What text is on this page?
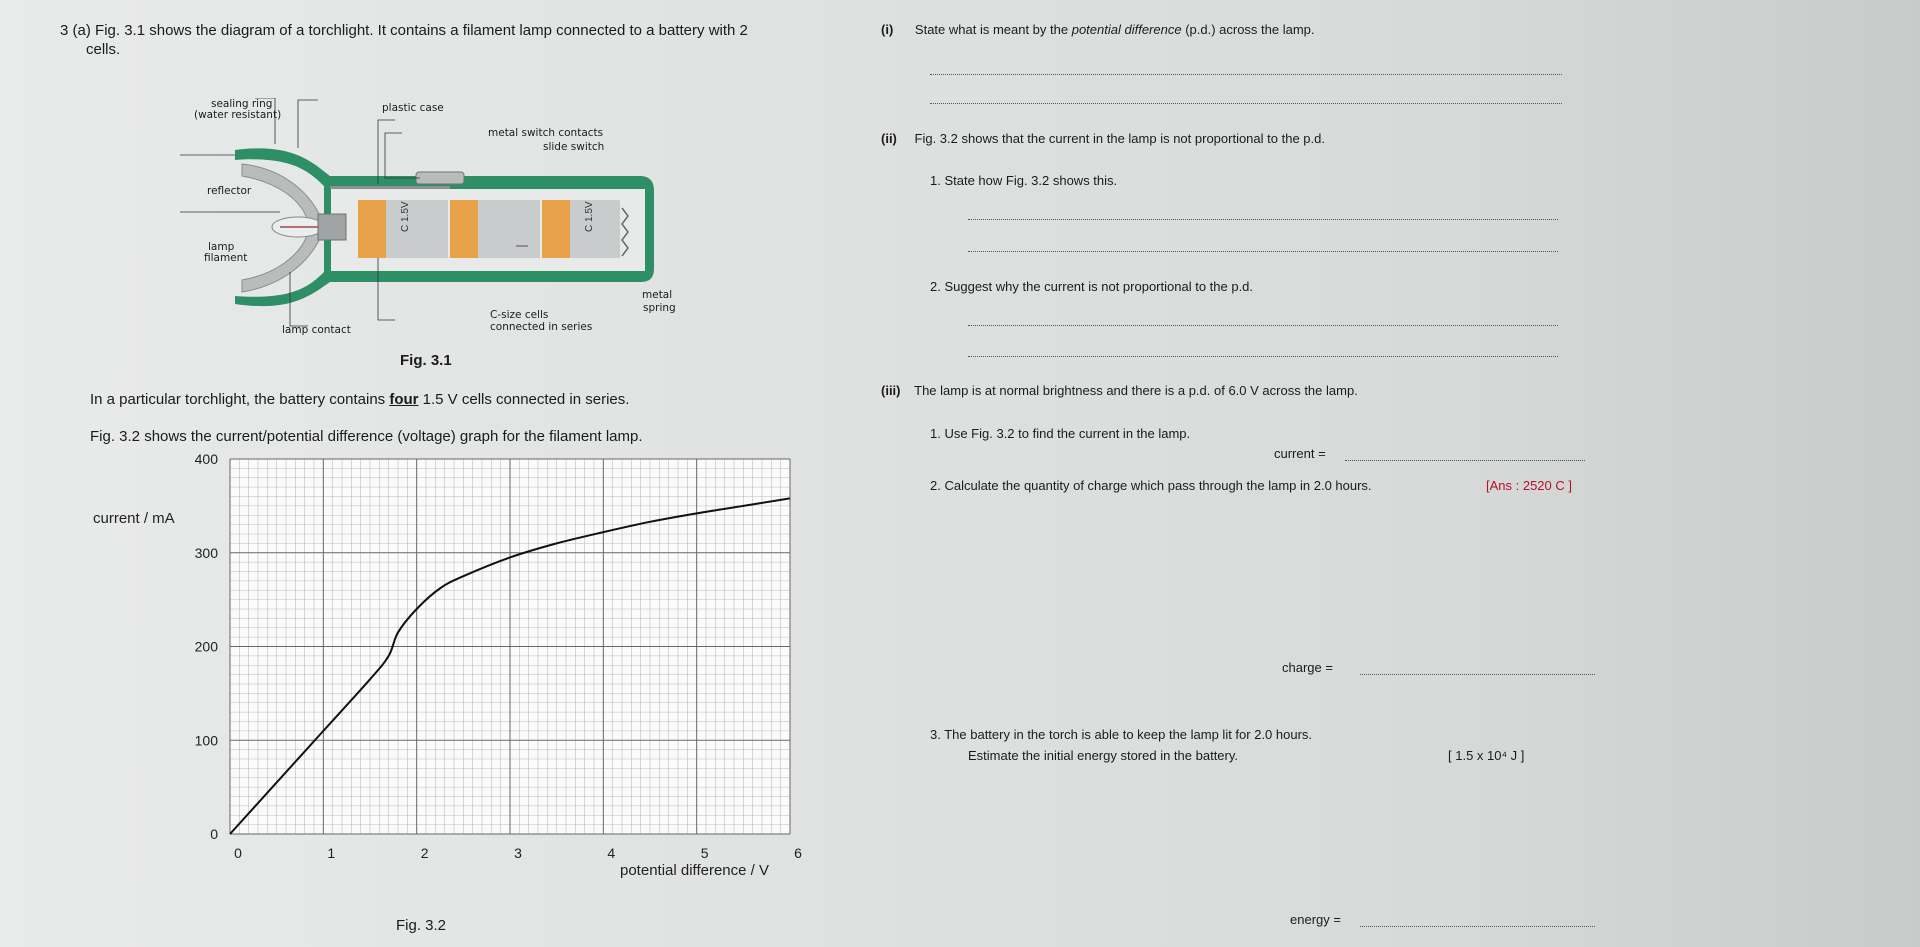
3 (a) Fig. 3.1 shows the diagram of a torchlight. It contains a filament lamp connected to a battery with 2
cells.
C 1.5V	C 1.5V
sealing ring
(water resistant)
plastic case
metal switch contacts
slide switch
reflector
lamp
filament
metal
spring
C-size cells
connected in series
lamp contact
Fig. 3.1
In a particular torchlight, the battery contains four 1.5 V cells connected in series.
Fig. 3.2 shows the current/potential difference (voltage) graph for the filament lamp.
0	1	2	3	4	5	6
0
100
200
300
400
current / mA
potential difference / V
Fig. 3.2
(i) State what is meant by the potential difference (p.d.) across the lamp.
(ii) Fig. 3.2 shows that the current in the lamp is not proportional to the p.d.
1. State how Fig. 3.2 shows this.
2. Suggest why the current is not proportional to the p.d.
(iii) The lamp is at normal brightness and there is a p.d. of 6.0 V across the lamp.
1. Use Fig. 3.2 to find the current in the lamp.
current =
2. Calculate the quantity of charge which pass through the lamp in 2.0 hours.	[Ans : 2520 C ]
charge =
3. The battery in the torch is able to keep the lamp lit for 2.0 hours.
Estimate the initial energy stored in the battery.	[ 1.5 x 10⁴ J ]
energy =
